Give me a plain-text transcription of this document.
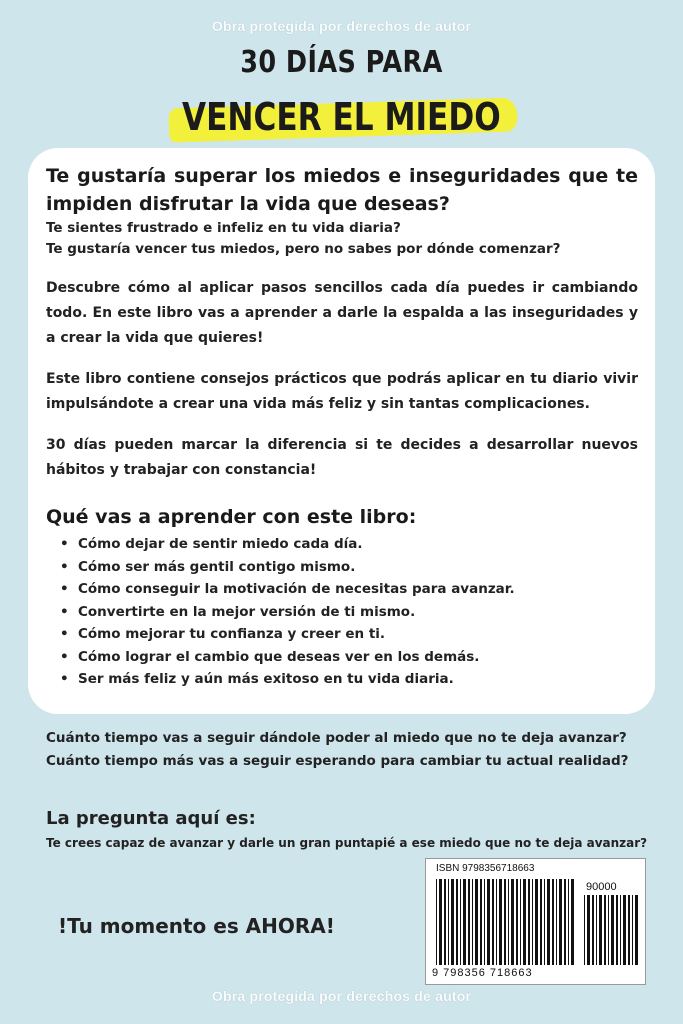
Obra protegida por derechos de autor
30 DÍAS PARA
VENCER EL MIEDO
Te gustaría superar los miedos e inseguridades que te impiden disfrutar la vida que deseas?
Te sientes frustrado e infeliz en tu vida diaria?
Te gustaría vencer tus miedos, pero no sabes por dónde comenzar?
Descubre cómo al aplicar pasos sencillos cada día puedes ir cambiando todo. En este libro vas a aprender a darle la espalda a las inseguridades y a crear la vida que quieres!
Este libro contiene consejos prácticos que podrás aplicar en tu diario vivir impulsándote a crear una vida más feliz y sin tantas complicaciones.
30 días pueden marcar la diferencia si te decides a desarrollar nuevos hábitos y trabajar con constancia!
Qué vas a aprender con este libro:
• Cómo dejar de sentir miedo cada día.
• Cómo ser más gentil contigo mismo.
• Cómo conseguir la motivación de necesitas para avanzar.
• Convertirte en la mejor versión de ti mismo.
• Cómo mejorar tu confianza y creer en ti.
• Cómo lograr el cambio que deseas ver en los demás.
• Ser más feliz y aún más exitoso en tu vida diaria.
Cuánto tiempo vas a seguir dándole poder al miedo que no te deja avanzar?
Cuánto tiempo más vas a seguir esperando para cambiar tu actual realidad?
La pregunta aquí es:
Te crees capaz de avanzar y darle un gran puntapié a ese miedo que no te deja avanzar?
!Tu momento es AHORA!
ISBN 9798356718663
90000
9 798356 718663
Obra protegida por derechos de autor
